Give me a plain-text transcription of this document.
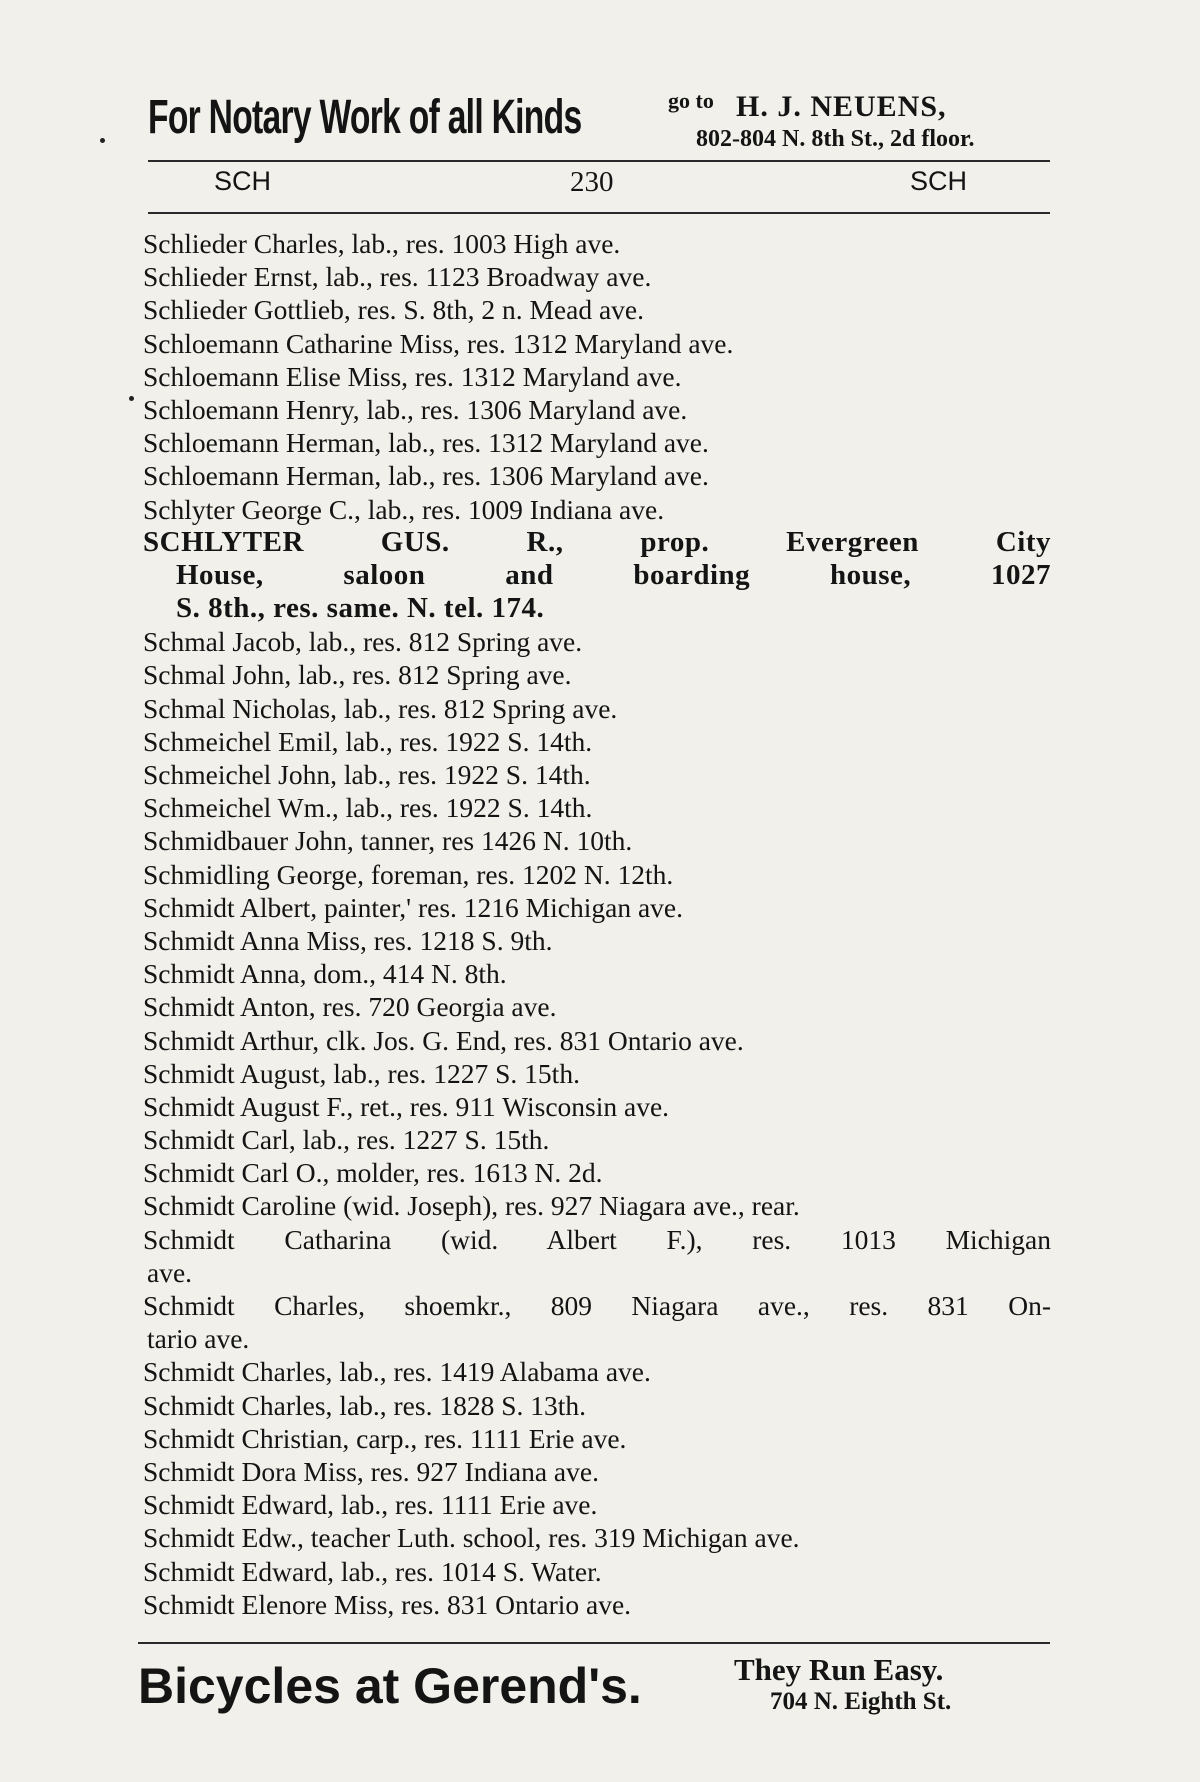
For Notary Work of all Kinds	go to H. J. NEUENS,
802-804 N. 8th St., 2d floor.
SCH	230	SCH
Schlieder Charles, lab., res. 1003 High ave.
Schlieder Ernst, lab., res. 1123 Broadway ave.
Schlieder Gottlieb, res. S. 8th, 2 n. Mead ave.
Schloemann Catharine Miss, res. 1312 Maryland ave.
Schloemann Elise Miss, res. 1312 Maryland ave.
Schloemann Henry, lab., res. 1306 Maryland ave.
Schloemann Herman, lab., res. 1312 Maryland ave.
Schloemann Herman, lab., res. 1306 Maryland ave.
Schlyter George C., lab., res. 1009 Indiana ave.
SCHLYTER GUS. R., prop. Evergreen City
House, saloon and boarding house, 1027
S. 8th., res. same. N. tel. 174.
Schmal Jacob, lab., res. 812 Spring ave.
Schmal John, lab., res. 812 Spring ave.
Schmal Nicholas, lab., res. 812 Spring ave.
Schmeichel Emil, lab., res. 1922 S. 14th.
Schmeichel John, lab., res. 1922 S. 14th.
Schmeichel Wm., lab., res. 1922 S. 14th.
Schmidbauer John, tanner, res 1426 N. 10th.
Schmidling George, foreman, res. 1202 N. 12th.
Schmidt Albert, painter,' res. 1216 Michigan ave.
Schmidt Anna Miss, res. 1218 S. 9th.
Schmidt Anna, dom., 414 N. 8th.
Schmidt Anton, res. 720 Georgia ave.
Schmidt Arthur, clk. Jos. G. End, res. 831 Ontario ave.
Schmidt August, lab., res. 1227 S. 15th.
Schmidt August F., ret., res. 911 Wisconsin ave.
Schmidt Carl, lab., res. 1227 S. 15th.
Schmidt Carl O., molder, res. 1613 N. 2d.
Schmidt Caroline (wid. Joseph), res. 927 Niagara ave., rear.
Schmidt Catharina (wid. Albert F.), res. 1013 Michigan
ave.
Schmidt Charles, shoemkr., 809 Niagara ave., res. 831 On-
tario ave.
Schmidt Charles, lab., res. 1419 Alabama ave.
Schmidt Charles, lab., res. 1828 S. 13th.
Schmidt Christian, carp., res. 1111 Erie ave.
Schmidt Dora Miss, res. 927 Indiana ave.
Schmidt Edward, lab., res. 1111 Erie ave.
Schmidt Edw., teacher Luth. school, res. 319 Michigan ave.
Schmidt Edward, lab., res. 1014 S. Water.
Schmidt Elenore Miss, res. 831 Ontario ave.
Bicycles at Gerend's.	They Run Easy.
704 N. Eighth St.
